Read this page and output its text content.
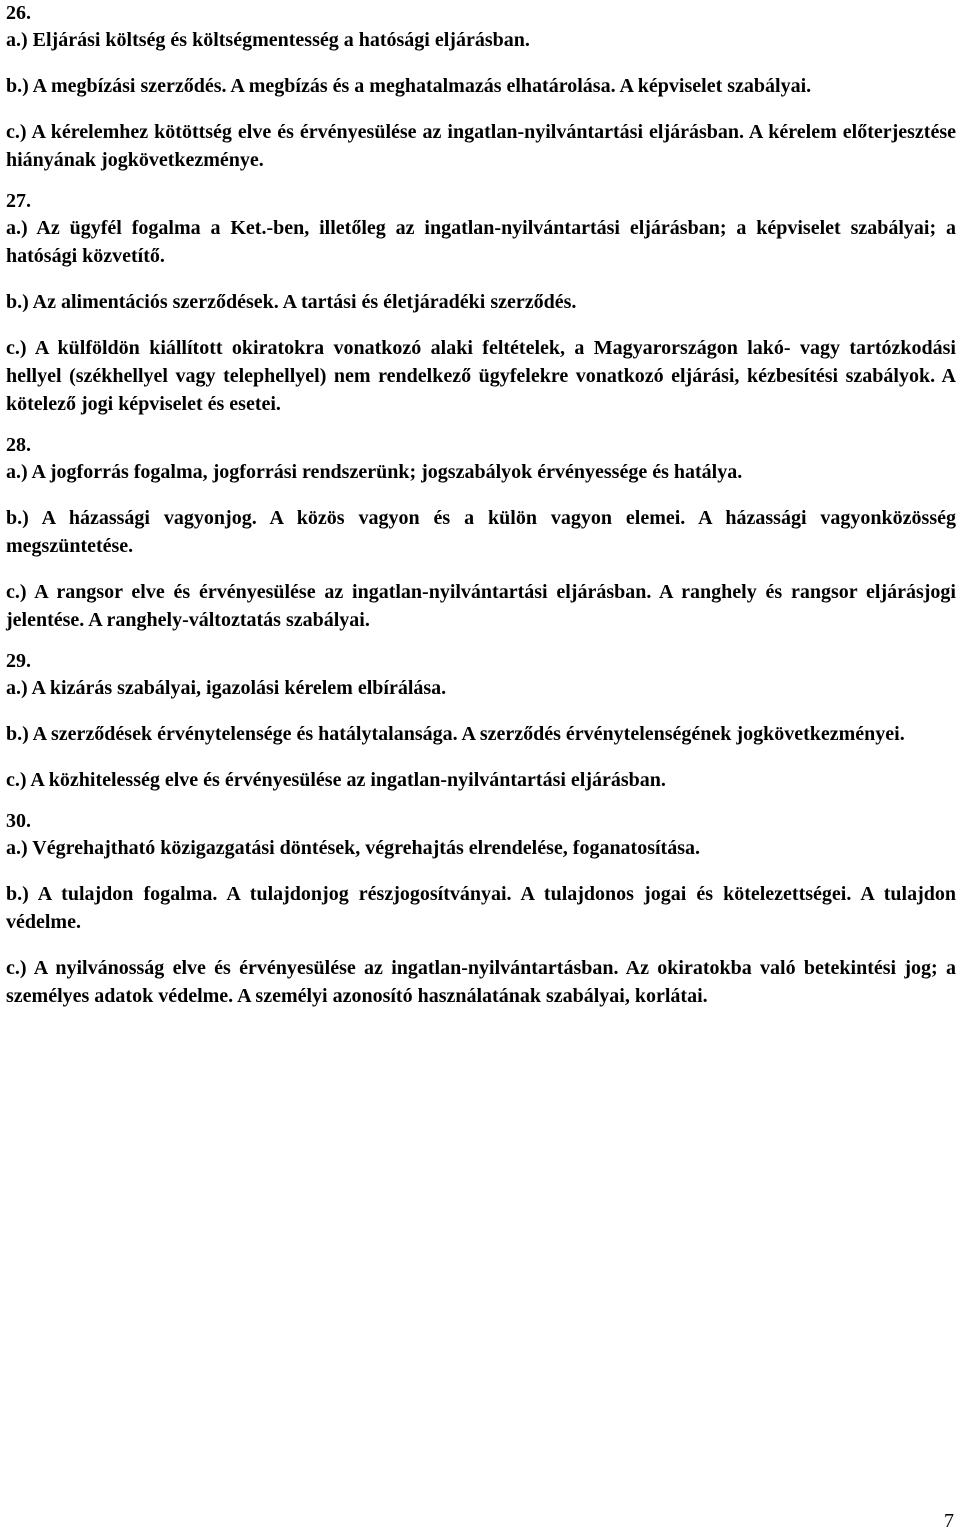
26.

a.) Eljárási költség és költségmentesség a hatósági eljárásban.

b.) A megbízási szerződés. A megbízás és a meghatalmazás elhatárolása. A képviselet szabályai.

c.) A kérelemhez kötöttség elve és érvényesülése az ingatlan-nyilvántartási eljárásban. A kérelem előterjesztése hiányának jogkövetkezménye.

27.

a.) Az ügyfél fogalma a Ket.-ben, illetőleg az ingatlan-nyilvántartási eljárásban; a képviselet szabályai; a hatósági közvetítő.

b.) Az alimentációs szerződések. A tartási és életjáradéki szerződés.

c.) A külföldön kiállított okiratokra vonatkozó alaki feltételek, a Magyarországon lakó- vagy tartózkodási hellyel (székhellyel vagy telephellyel) nem rendelkező ügyfelekre vonatkozó eljárási, kézbesítési szabályok. A kötelező jogi képviselet és esetei.

28.

a.) A jogforrás fogalma, jogforrási rendszerünk; jogszabályok érvényessége és hatálya.

b.) A házassági vagyonjog. A közös vagyon és a külön vagyon elemei. A házassági vagyonközösség megszüntetése.

c.) A rangsor elve és érvényesülése az ingatlan-nyilvántartási eljárásban. A ranghely és rangsor eljárásjogi jelentése. A ranghely-változtatás szabályai.

29.

a.) A kizárás szabályai, igazolási kérelem elbírálása.

b.) A szerződések érvénytelensége és hatálytalansága. A szerződés érvénytelenségének jogkövetkezményei.

c.) A közhitelesség elve és érvényesülése az ingatlan-nyilvántartási eljárásban.

30.

a.) Végrehajtható közigazgatási döntések, végrehajtás elrendelése, foganatosítása.

b.) A tulajdon fogalma. A tulajdonjog részjogosítványai. A tulajdonos jogai és kötelezettségei. A tulajdon védelme.

c.) A nyilvánosság elve és érvényesülése az ingatlan-nyilvántartásban. Az okiratokba való betekintési jog; a személyes adatok védelme. A személyi azonosító használatának szabályai, korlátai.

7
